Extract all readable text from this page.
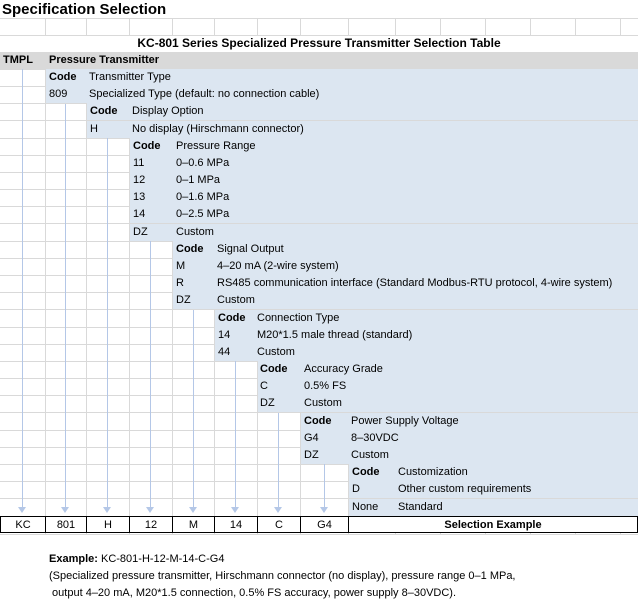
Specification Selection
KC-801 Series Specialized Pressure Transmitter Selection Table
TMPL Pressure Transmitter
Code Transmitter Type
809 Specialized Type (default: no connection cable)
Code Display Option
H	No display (Hirschmann connector)
Code Pressure Range
11	0–0.6 MPa
12	0–1 MPa
13	0–1.6 MPa
14	0–2.5 MPa
DZ	Custom
Code Signal Output
M	4–20 mA (2-wire system)
R	RS485 communication interface (Standard Modbus-RTU protocol, 4-wire system)
DZ Custom
Code Connection Type
14 M20*1.5 male thread (standard)
44 Custom
Code Accuracy Grade
C	0.5% FS
DZ	Custom
Code Power Supply Voltage
G4	8–30VDC
DZ	Custom
Code Customization
D	Other custom requirements
None Standard
KC	801	H	12	M	14	C	G4	Selection Example
Example: KC-801-H-12-M-14-C-G4
(Specialized pressure transmitter, Hirschmann connector (no display), pressure range 0–1 MPa,
output 4–20 mA, M20*1.5 connection, 0.5% FS accuracy, power supply 8–30VDC).
